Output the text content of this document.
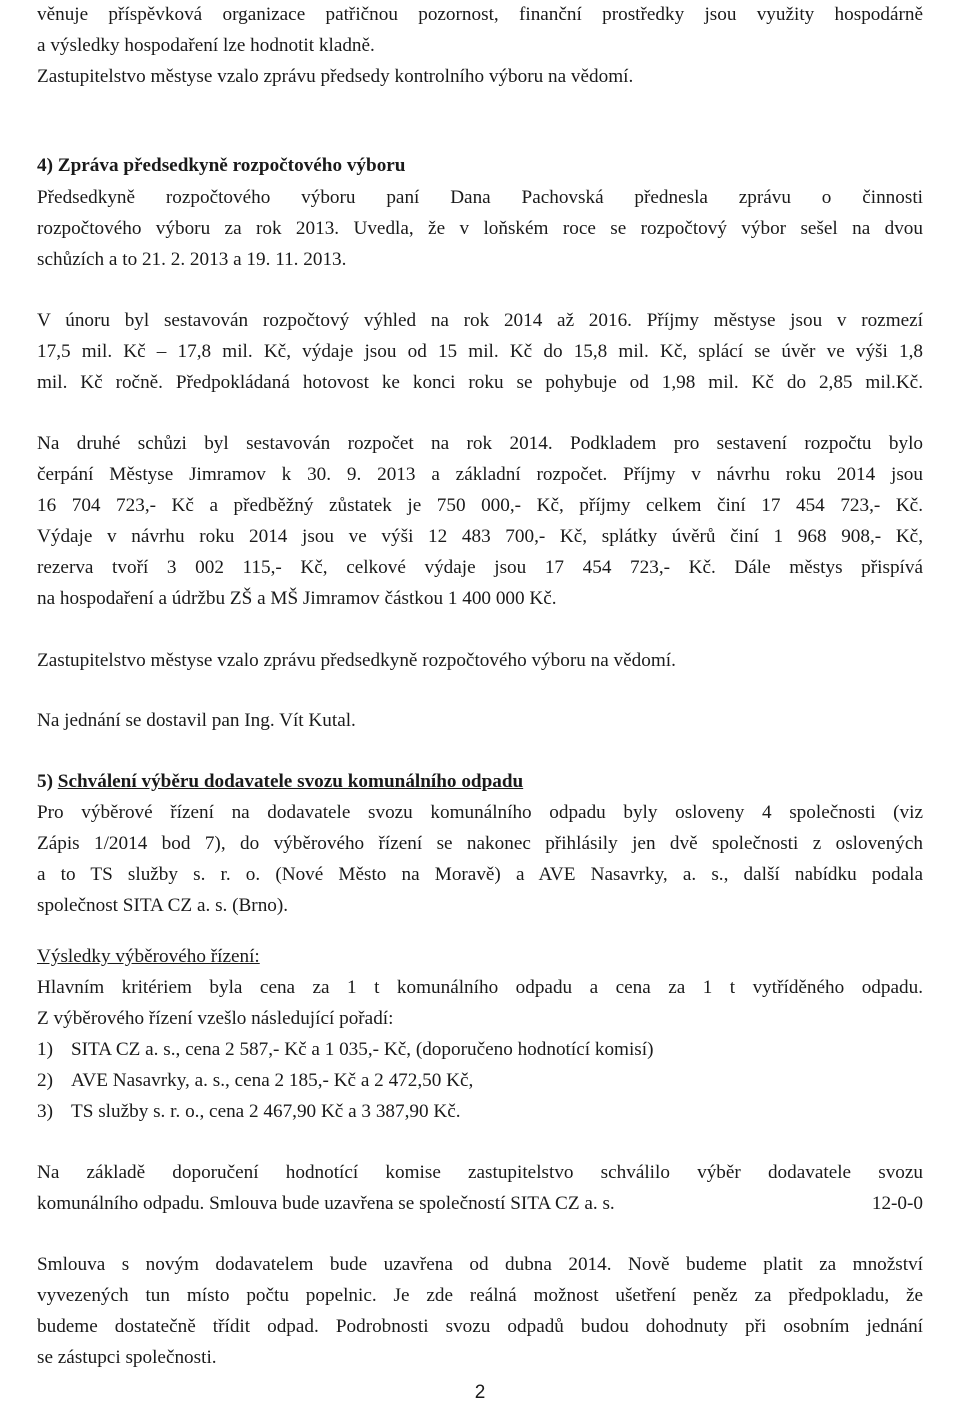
věnuje příspěvková organizace patřičnou pozornost, finanční prostředky jsou využity hospodárně

a výsledky hospodaření lze hodnotit kladně.

Zastupitelstvo městyse vzalo zprávu předsedy kontrolního výboru na vědomí.

4) Zpráva předsedkyně rozpočtového výboru

Předsedkyně rozpočtového výboru paní Dana Pachovská přednesla zprávu o činnosti

rozpočtového výboru za rok 2013. Uvedla, že v loňském roce se rozpočtový výbor sešel na dvou

schůzích a to 21. 2. 2013 a 19. 11. 2013.

V únoru byl sestavován rozpočtový výhled na rok 2014 až 2016. Příjmy městyse jsou v rozmezí

17,5 mil. Kč – 17,8 mil. Kč, výdaje jsou od 15 mil. Kč do 15,8 mil. Kč, splácí se úvěr ve výši 1,8

mil. Kč ročně. Předpokládaná hotovost ke konci roku se pohybuje od 1,98 mil. Kč do 2,85 mil.Kč.

Na druhé schůzi byl sestavován rozpočet na rok 2014. Podkladem pro sestavení rozpočtu bylo

čerpání Městyse Jimramov k 30. 9. 2013 a základní rozpočet. Příjmy v návrhu roku 2014 jsou

16 704 723,- Kč a předběžný zůstatek je 750 000,- Kč, příjmy celkem činí 17 454 723,- Kč.

Výdaje v návrhu roku 2014 jsou ve výši 12 483 700,- Kč, splátky úvěrů činí 1 968 908,- Kč,

rezerva tvoří 3 002 115,- Kč, celkové výdaje jsou 17 454 723,- Kč. Dále městys přispívá

na hospodaření a údržbu ZŠ a MŠ Jimramov částkou 1 400 000 Kč.

Zastupitelstvo městyse vzalo zprávu předsedkyně rozpočtového výboru na vědomí.

Na jednání se dostavil pan Ing. Vít Kutal.

5) Schválení výběru dodavatele svozu komunálního odpadu

Pro výběrové řízení na dodavatele svozu komunálního odpadu byly osloveny 4 společnosti (viz

Zápis 1/2014 bod 7), do výběrového řízení se nakonec přihlásily jen dvě společnosti z oslovených

a to TS služby s. r. o. (Nové Město na Moravě) a AVE Nasavrky, a. s., další nabídku podala

společnost SITA CZ a. s. (Brno).

Výsledky výběrového řízení:

Hlavním kritériem byla cena za 1 t komunálního odpadu a cena za 1 t vytříděného odpadu.

Z výběrového řízení vzešlo následující pořadí:

1) SITA CZ a. s., cena 2 587,- Kč a 1 035,- Kč, (doporučeno hodnotící komisí)
2) AVE Nasavrky, a. s., cena 2 185,- Kč a 2 472,50 Kč,
3) TS služby s. r. o., cena 2 467,90 Kč a 3 387,90 Kč.

Na základě doporučení hodnotící komise zastupitelstvo schválilo výběr dodavatele svozu

komunálního odpadu. Smlouva bude uzavřena se společností SITA CZ a. s.	12-0-0

Smlouva s novým dodavatelem bude uzavřena od dubna 2014. Nově budeme platit za množství

vyvezených tun místo počtu popelnic. Je zde reálná možnost ušetření peněz za předpokladu, že

budeme dostatečně třídit odpad. Podrobnosti svozu odpadů budou dohodnuty při osobním jednání

se zástupci společnosti.

2
